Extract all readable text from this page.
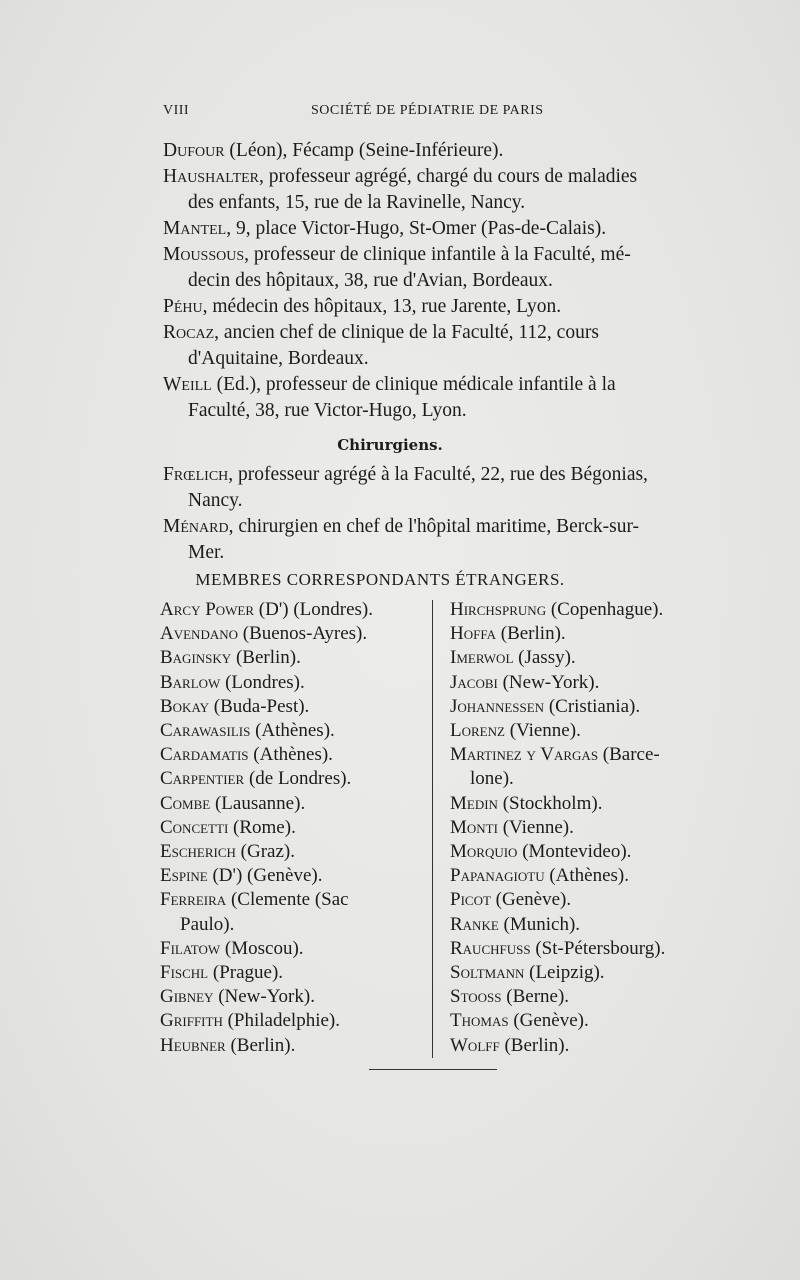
VIII	SOCIÉTÉ DE PÉDIATRIE DE PARIS
Dufour (Léon), Fécamp (Seine-Inférieure).
Haushalter, professeur agrégé, chargé du cours de maladies
des enfants, 15, rue de la Ravinelle, Nancy.
Mantel, 9, place Victor-Hugo, St-Omer (Pas-de-Calais).
Moussous, professeur de clinique infantile à la Faculté, mé-
decin des hôpitaux, 38, rue d'Avian, Bordeaux.
Péhu, médecin des hôpitaux, 13, rue Jarente, Lyon.
Rocaz, ancien chef de clinique de la Faculté, 112, cours
d'Aquitaine, Bordeaux.
Weill (Ed.), professeur de clinique médicale infantile à la
Faculté, 38, rue Victor-Hugo, Lyon.
Chirurgiens.
Frœlich, professeur agrégé à la Faculté, 22, rue des Bégonias,
Nancy.
Ménard, chirurgien en chef de l'hôpital maritime, Berck-sur-
Mer.
MEMBRES CORRESPONDANTS ÉTRANGERS.
Arcy Power (D') (Londres).
Avendano (Buenos-Ayres).
Baginsky (Berlin).
Barlow (Londres).
Bokay (Buda-Pest).
Carawasilis (Athènes).
Cardamatis (Athènes).
Carpentier (de Londres).
Combe (Lausanne).
Concetti (Rome).
Escherich (Graz).
Espine (D') (Genève).
Ferreira (Clemente (Sac
Paulo).
Filatow (Moscou).
Fischl (Prague).
Gibney (New-York).
Griffith (Philadelphie).
Heubner (Berlin).
Hirchsprung (Copenhague).
Hoffa (Berlin).
Imerwol (Jassy).
Jacobi (New-York).
Johannessen (Cristiania).
Lorenz (Vienne).
Martinez y Vargas (Barce-
lone).
Medin (Stockholm).
Monti (Vienne).
Morquio (Montevideo).
Papanagiotu (Athènes).
Picot (Genève).
Ranke (Munich).
Rauchfuss (St-Pétersbourg).
Soltmann (Leipzig).
Stooss (Berne).
Thomas (Genève).
Wolff (Berlin).
